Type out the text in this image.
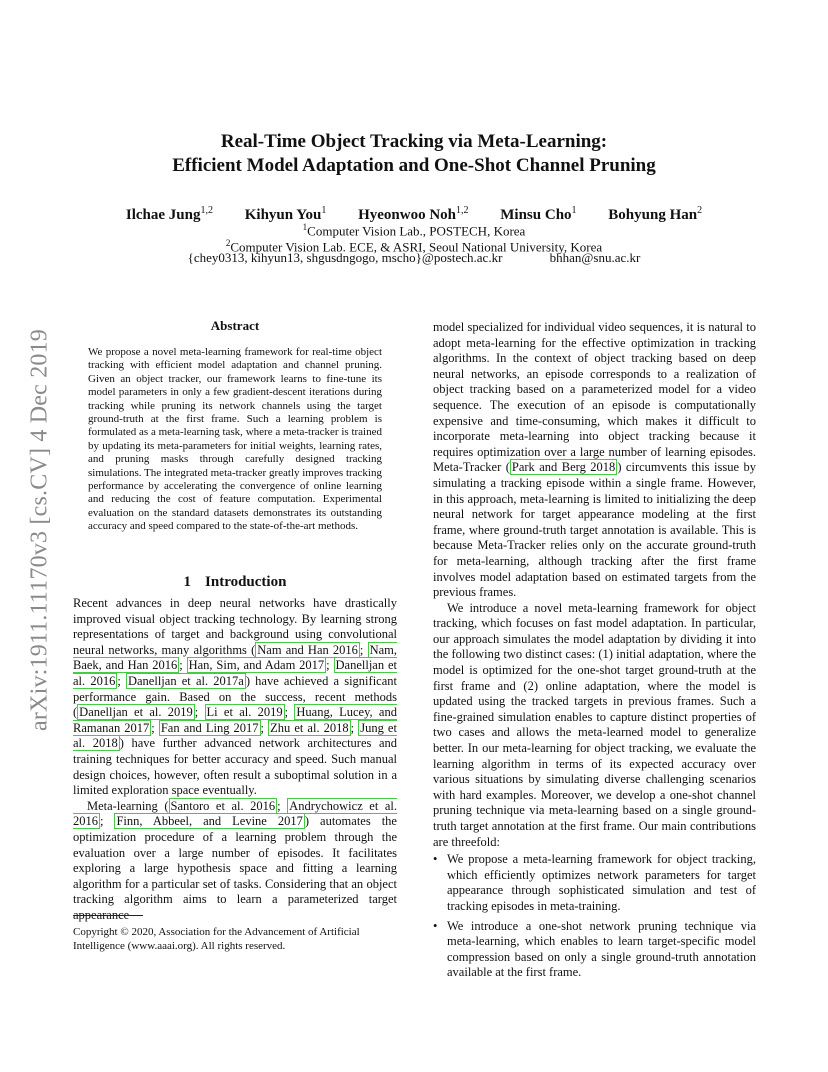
arXiv:1911.11170v3 [cs.CV] 4 Dec 2019
Real-Time Object Tracking via Meta-Learning:
Efficient Model Adaptation and One-Shot Channel Pruning
Ilchae Jung$^{1,2}$ Kihyun You$^1$ Hyeonwoo Noh$^{1,2}$ Minsu Cho$^1$ Bohyung Han$^2$
$^1$Computer Vision Lab., POSTECH, Korea
$^2$Computer Vision Lab. ECE, & ASRI, Seoul National University, Korea
{chey0313, kihyun13, shgusdngogo, mscho}@postech.ac.kr	bhhan@snu.ac.kr
Abstract
We propose a novel meta-learning framework for real-time object tracking with efficient model adaptation and channel pruning. Given an object tracker, our framework learns to fine-tune its model parameters in only a few gradient-descent iterations during tracking while pruning its network channels using the target ground-truth at the first frame. Such a learning problem is formulated as a meta-learning task, where a meta-tracker is trained by updating its meta-parameters for initial weights, learning rates, and pruning masks through carefully designed tracking simulations. The integrated meta-tracker greatly improves tracking performance by accelerating the convergence of online learning and reducing the cost of feature computation. Experimental evaluation on the standard datasets demonstrates its outstanding accuracy and speed compared to the state-of-the-art methods.
1 Introduction

Recent advances in deep neural networks have drastically improved visual object tracking technology. By learning strong representations of target and background using convolutional neural networks, many algorithms ( Nam and Han 2016 ; Nam, Baek, and Han 2016 ; Han, Sim, and Adam 2017 ; Danelljan et al. 2016 ; Danelljan et al. 2017a ) have achieved a significant performance gain. Based on the success, recent methods ( Danelljan et al. 2019 ; Li et al. 2019 ; Huang, Lucey, and Ramanan 2017 ; Fan and Ling 2017 ; Zhu et al. 2018 ; Jung et al. 2018 ) have further advanced network architectures and training techniques for better accuracy and speed. Such manual design choices, however, often result a suboptimal solution in a limited exploration space eventually.

Meta-learning ( Santoro et al. 2016 ; Andrychowicz et al. 2016 ; Finn, Abbeel, and Levine 2017 ) automates the optimization procedure of a learning problem through the evaluation over a large number of episodes. It facilitates exploring a large hypothesis space and fitting a learning algorithm for a particular set of tasks. Considering that an object tracking algorithm aims to learn a parameterized target appearance

model specialized for individual video sequences, it is natural to adopt meta-learning for the effective optimization in tracking algorithms. In the context of object tracking based on deep neural networks, an episode corresponds to a realization of object tracking based on a parameterized model for a video sequence. The execution of an episode is computationally expensive and time-consuming, which makes it difficult to incorporate meta-learning into object tracking because it requires optimization over a large number of learning episodes. Meta-Tracker ( Park and Berg 2018 ) circumvents this issue by simulating a tracking episode within a single frame. However, in this approach, meta-learning is limited to initializing the deep neural network for target appearance modeling at the first frame, where ground-truth target annotation is available. This is because Meta-Tracker relies only on the accurate ground-truth for meta-learning, although tracking after the first frame involves model adaptation based on estimated targets from the previous frames.

We introduce a novel meta-learning framework for object tracking, which focuses on fast model adaptation. In particular, our approach simulates the model adaptation by dividing it into the following two distinct cases: (1) initial adaptation, where the model is optimized for the one-shot target ground-truth at the first frame and (2) online adaptation, where the model is updated using the tracked targets in previous frames. Such a fine-grained simulation enables to capture distinct properties of two cases and allows the meta-learned model to generalize better. In our meta-learning for object tracking, we evaluate the learning algorithm in terms of its expected accuracy over various situations by simulating diverse challenging scenarios with hard examples. Moreover, we develop a one-shot channel pruning technique via meta-learning based on a single ground-truth target annotation at the first frame. Our main contributions are threefold:

• We propose a meta-learning framework for object tracking, which efficiently optimizes network parameters for target appearance through sophisticated simulation and test of tracking episodes in meta-training.
• We introduce a one-shot network pruning technique via meta-learning, which enables to learn target-specific model compression based on only a single ground-truth annotation available at the first frame.
Copyright © 2020, Association for the Advancement of Artificial Intelligence (www.aaai.org). All rights reserved.
